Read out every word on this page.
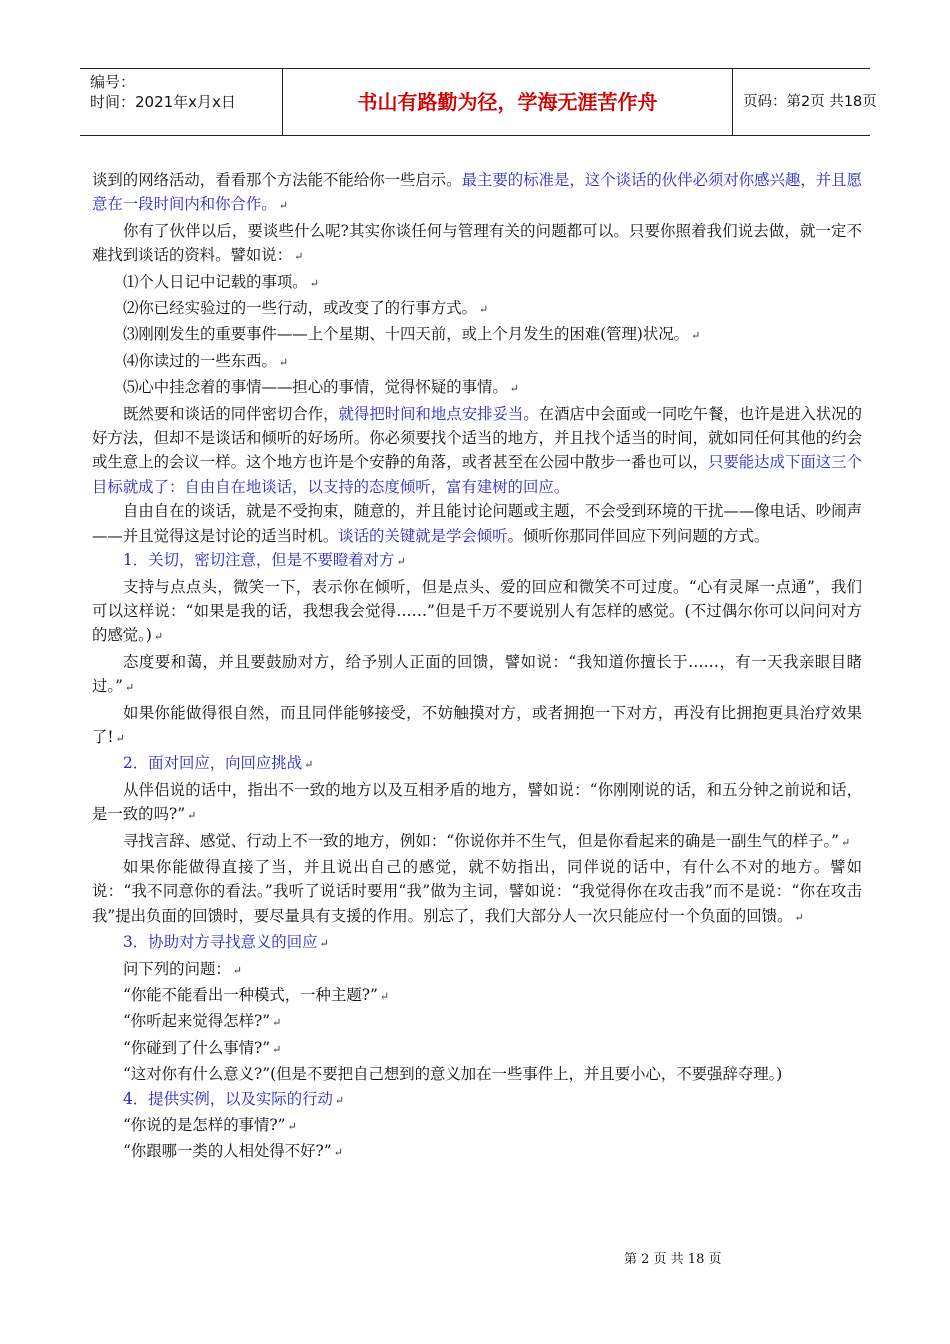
编号：
时间：2021年x月x日	书山有路勤为径，学海无涯苦作舟	页码：第2页 共18页

谈到的网络活动，看看那个方法能不能给你一些启示。最主要的标准是，这个谈话的伙伴必须对你感兴趣，并且愿意在一段时间内和你合作。 ↵

你有了伙伴以后，要谈些什么呢?其实你谈任何与管理有关的问题都可以。只要你照着我们说去做，就一定不难找到谈话的资料。譬如说： ↵

⑴个人日记中记载的事项。 ↵

⑵你已经实验过的一些行动，或改变了的行事方式。 ↵

⑶刚刚发生的重要事件——上个星期、十四天前，或上个月发生的困难(管理)状况。 ↵

⑷你读过的一些东西。 ↵

⑸心中挂念着的事情——担心的事情，觉得怀疑的事情。 ↵

既然要和谈话的同伴密切合作，就得把时间和地点安排妥当。在酒店中会面或一同吃午餐，也许是进入状况的好方法，但却不是谈话和倾听的好场所。你必须要找个适当的地方，并且找个适当的时间，就如同任何其他的约会或生意上的会议一样。这个地方也许是个安静的角落，或者甚至在公园中散步一番也可以，只要能达成下面这三个目标就成了：自由自在地谈话，以支持的态度倾听，富有建树的回应。

自由自在的谈话，就是不受拘束，随意的，并且能讨论问题或主题，不会受到环境的干扰——像电话、吵闹声——并且觉得这是讨论的适当时机。谈话的关键就是学会倾听。倾听你那同伴回应下列问题的方式。

1．关切，密切注意，但是不要瞪着对方 ↵

支持与点点头，微笑一下，表示你在倾听，但是点头、爱的回应和微笑不可过度。“心有灵犀一点通”，我们可以这样说：“如果是我的话，我想我会觉得……”但是千万不要说别人有怎样的感觉。(不过偶尔你可以问问对方的感觉。) ↵

态度要和蔼，并且要鼓励对方，给予别人正面的回馈，譬如说：“我知道你擅长于……，有一天我亲眼目睹过。” ↵

如果你能做得很自然，而且同伴能够接受，不妨触摸对方，或者拥抱一下对方，再没有比拥抱更具治疗效果了! ↵

2．面对回应，向回应挑战 ↵

从伴侣说的话中，指出不一致的地方以及互相矛盾的地方，譬如说：“你刚刚说的话，和五分钟之前说和话，是一致的吗?” ↵

寻找言辞、感觉、行动上不一致的地方，例如：“你说你并不生气，但是你看起来的确是一副生气的样子。” ↵

如果你能做得直接了当，并且说出自己的感觉，就不妨指出，同伴说的话中，有什么不对的地方。譬如说：“我不同意你的看法。”我听了说话时要用“我”做为主词，譬如说：“我觉得你在攻击我”而不是说：“你在攻击我”提出负面的回馈时，要尽量具有支援的作用。别忘了，我们大部分人一次只能应付一个负面的回馈。 ↵

3．协助对方寻找意义的回应 ↵

问下列的问题： ↵

“你能不能看出一种模式，一种主题?” ↵

“你听起来觉得怎样?” ↵

“你碰到了什么事情?” ↵

“这对你有什么意义?”(但是不要把自己想到的意义加在一些事件上，并且要小心，不要强辞夺理。)

4．提供实例，以及实际的行动 ↵

“你说的是怎样的事情?” ↵

“你跟哪一类的人相处得不好?” ↵

第 2 页 共 18 页
